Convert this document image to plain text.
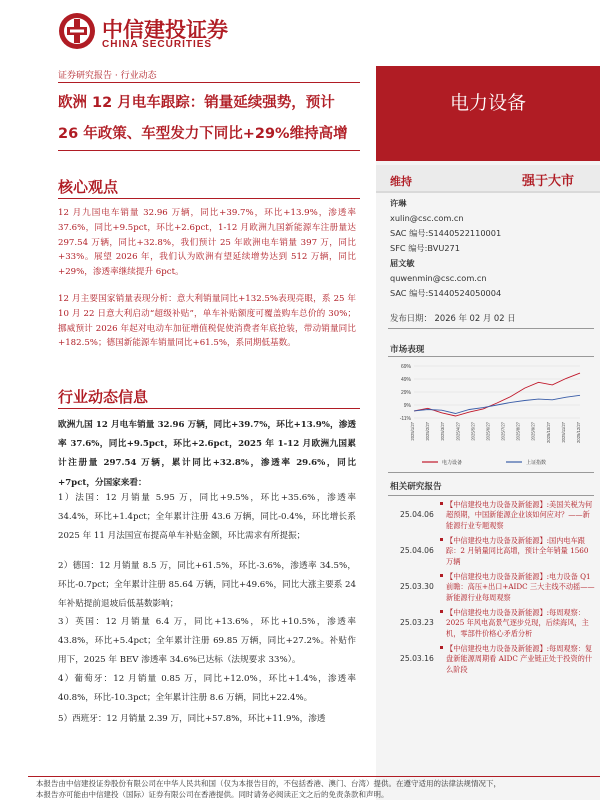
中信建投证券
CHINA SECURITIES
证券研究报告 · 行业动态
欧洲 12 月电车跟踪：销量延续强势，预计
26 年政策、车型发力下同比+29%维持高增
电力设备
核心观点
12 月九国电车销量 32.96 万辆，同比+39.7%，环比+13.9%，渗透率 37.6%，同比+9.5pct，环比+2.6pct，1-12 月欧洲九国新能源车注册量达 297.54 万辆，同比+32.8%，我们预计 25 年欧洲电车销量 397 万，同比+33%。展望 2026 年，我们认为欧洲有望延续增势达到 512 万辆，同比+29%，渗透率继续提升 6pct。
12 月主要国家销量表现分析：意大利销量同比+132.5%表现亮眼，系 25 年 10 月 22 日意大利启动“超级补贴”，单车补贴额度可覆盖购车总价的 30%；挪威预计 2026 年起对电动车加征增值税促使消费者年底抢装，带动销量同比+182.5%；德国新能源车销量同比+61.5%，系同期低基数。
行业动态信息
欧洲九国 12 月电车销量 32.96 万辆，同比+39.7%，环比+13.9%，渗透率 37.6%，同比+9.5pct，环比+2.6pct，2025 年 1-12 月欧洲九国累计注册量 297.54 万辆，累计同比+32.8%，渗透率 29.6%，同比+7pct，分国家来看：
1）法国：12 月销量 5.95 万，同比+9.5%，环比+35.6%，渗透率 34.4%，环比+1.4pct；全年累计注册 43.6 万辆，同比-0.4%，环比增长系 2025 年 11 月法国宣布提高单车补贴金额，环比需求有所提振；
2）德国：12 月销量 8.5 万，同比+61.5%，环比-3.6%，渗透率 34.5%，环比-0.7pct；全年累计注册 85.64 万辆，同比+49.6%，同比大涨主要系 24 年补贴提前退坡后低基数影响；
3）英国：12 月销量 6.4 万，同比+13.6%，环比+10.5%，渗透率 43.8%，环比+5.4pct；全年累计注册 69.85 万辆，同比+27.2%。补贴作用下，2025 年 BEV 渗透率 34.6%已达标（法规要求 33%）。
4）葡萄牙：12 月销量 0.85 万，同比+12.0%，环比+1.4%，渗透率 40.8%，环比-10.3pct；全年累计注册 8.6 万辆，同比+22.4%。
5）西班牙：12 月销量 2.39 万，同比+57.8%，环比+11.9%，渗透
维持	强于大市
许琳
xulin@csc.com.cn
SAC 编号:S1440522110001
SFC 编号:BVU271
屈文敏
quwenmin@csc.com.cn
SAC 编号:S1440524050004
发布日期： 2026 年 02 月 02 日
市场表现
69%
49%
29%
9%
-11%
2025/1/27 2025/2/27 2025/3/27 2025/4/27 2025/5/27 2025/6/27 2025/7/27 2025/8/27 2025/9/27 2025/10/27 2025/11/27 2025/12/27
电力设备	上证指数
相关研究报告
25.04.06
【中信建投电力设备及新能源】:美国关税为何超预期，中国新能源企业该如何应对？——新能源行业专题观察
25.04.06
【中信建投电力设备及新能源】:国内电车跟踪：2 月销量同比高增，预计全年销量 1560 万辆
25.03.30
【中信建投电力设备及新能源】:电力设备 Q1 前瞻：高压+出口+AIDC 三大主线不动摇——新能源行业每周观察
25.03.23
【中信建投电力设备及新能源】:每周观察：2025 年风电高景气逐步兑现，后续海风，主机，零部件价格心矛盾分析
25.03.16
【中信建投电力设备及新能源】:每周观察：复盘新能源周期看 AIDC 产业链正处于投资的什么阶段
本报告由中信建投证券股份有限公司在中华人民共和国（仅为本报告目的，不包括香港、澳门、台湾）提供。在遵守适用的法律法规情况下，
本报告亦可能由中信建投（国际）证券有限公司在香港提供。同时请务必阅读正文之后的免责条款和声明。
